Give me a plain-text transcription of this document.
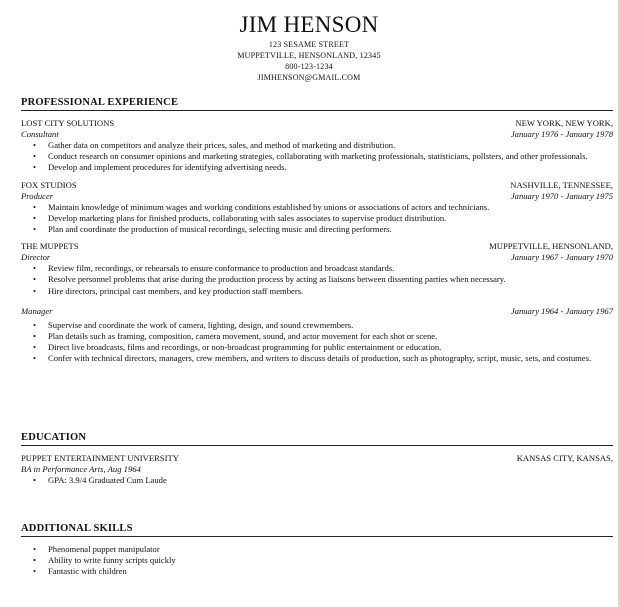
JIM HENSON
123 SESAME STREET
MUPPETVILLE, HENSONLAND, 12345
800-123-1234
JIMHENSON@GMAIL.COM
PROFESSIONAL EXPERIENCE
LOST CITY SOLUTIONS	NEW YORK, NEW YORK,
Consultant	January 1976 - January 1978
• Gather data on competitors and analyze their prices, sales, and method of marketing and distribution.
• Conduct research on consumer opinions and marketing strategies, collaborating with marketing professionals, statisticians, pollsters, and other professionals.
• Develop and implement procedures for identifying advertising needs.
FOX STUDIOS	NASHVILLE, TENNESSEE,
Producer	January 1970 - January 1975
• Maintain knowledge of minimum wages and working conditions established by unions or associations of actors and technicians.
• Develop marketing plans for finished products, collaborating with sales associates to supervise product distribution.
• Plan and coordinate the production of musical recordings, selecting music and directing performers.
THE MUPPETS	MUPPETVILLE, HENSONLAND,
Director	January 1967 - January 1970
• Review film, recordings, or rehearsals to ensure conformance to production and broadcast standards.
• Resolve personnel problems that arise during the production process by acting as liaisons between dissenting parties when necessary.
• Hire directors, principal cast members, and key production staff members.
Manager	January 1964 - January 1967
• Supervise and coordinate the work of camera, lighting, design, and sound crewmembers.
• Plan details such as framing, composition, camera movement, sound, and actor movement for each shot or scene.
• Direct live broadcasts, films and recordings, or non-broadcast programming for public entertainment or education.
• Confer with technical directors, managers, crew members, and writers to discuss details of production, such as photography, script, music, sets, and costumes.
EDUCATION
PUPPET ENTERTAINMENT UNIVERSITY	KANSAS CITY, KANSAS,
BA in Performance Arts, Aug 1964
• GPA: 3.9/4 Graduated Cum Laude
ADDITIONAL SKILLS
• Phenomenal puppet manipulator
• Ability to write funny scripts quickly
• Fantastic with children
